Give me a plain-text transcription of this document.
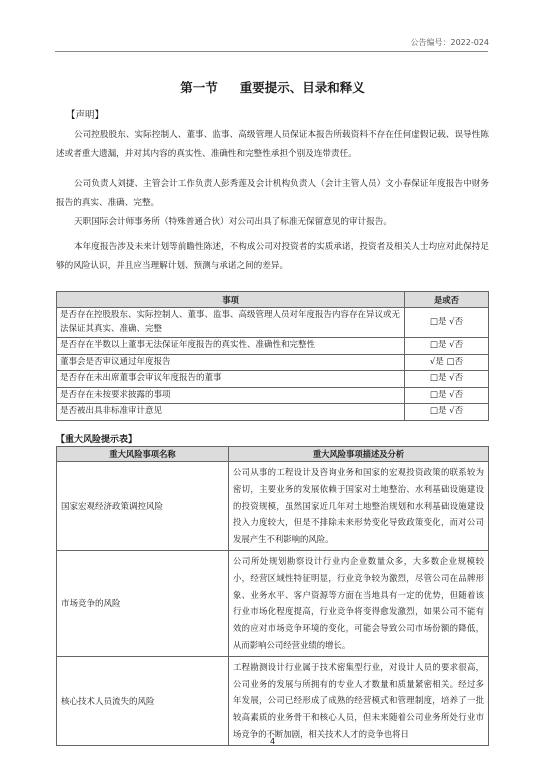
公告编号：2022-024
第一节 重要提示、目录和释义
【声明】

公司控股股东、实际控制人、董事、监事、高级管理人员保证本报告所载资料不存在任何虚假记载、误导性陈述或者重大遗漏，并对其内容的真实性、准确性和完整性承担个别及连带责任。

公司负责人刘捷、主管会计工作负责人彭秀莲及会计机构负责人（会计主管人员）文小春保证年度报告中财务报告的真实、准确、完整。

天职国际会计师事务所（特殊普通合伙）对公司出具了标准无保留意见的审计报告。

本年度报告涉及未来计划等前瞻性陈述，不构成公司对投资者的实质承诺，投资者及相关人士均应对此保持足够的风险认识，并且应当理解计划、预测与承诺之间的差异。

事项	是或否
是否存在控股股东、实际控制人、董事、监事、高级管理人员对年度报告内容存在异议或无法保证其真实、准确、完整	□是 √否
是否存在半数以上董事无法保证年度报告的真实性、准确性和完整性	□是 √否
董事会是否审议通过年度报告	√是 □否
是否存在未出席董事会审议年度报告的董事	□是 √否
是否存在未按要求披露的事项	□是 √否
是否被出具非标准审计意见	□是 √否
【重大风险提示表】
重大风险事项名称	重大风险事项描述及分析
国家宏观经济政策调控风险	公司从事的工程设计及咨询业务和国家的宏观投资政策的联系较为密切，主要业务的发展依赖于国家对土地整治、水利基础设施建设的投资规模，虽然国家近几年对土地整治规划和水利基础设施建设投入力度较大，但是不排除未来形势变化导致政策变化，而对公司发展产生不利影响的风险。
市场竞争的风险	公司所处规划勘察设计行业内企业数量众多，大多数企业规模较小，经营区域性特征明显，行业竞争较为激烈，尽管公司在品牌形象、业务水平、客户资源等方面在当地具有一定的优势，但随着该行业市场化程度提高，行业竞争将变得愈发激烈，如果公司不能有效的应对市场竞争环境的变化，可能会导致公司市场份额的降低，从而影响公司经营业绩的增长。
核心技术人员流失的风险	工程勘测设计行业属于技术密集型行业，对设计人员的要求很高，公司业务的发展与所拥有的专业人才数量和质量紧密相关。经过多年发展，公司已经形成了成熟的经营模式和管理制度，培养了一批较高素质的业务骨干和核心人员，但未来随着公司业务所处行业市场竞争的不断加剧，相关技术人才的竞争也将日
4
